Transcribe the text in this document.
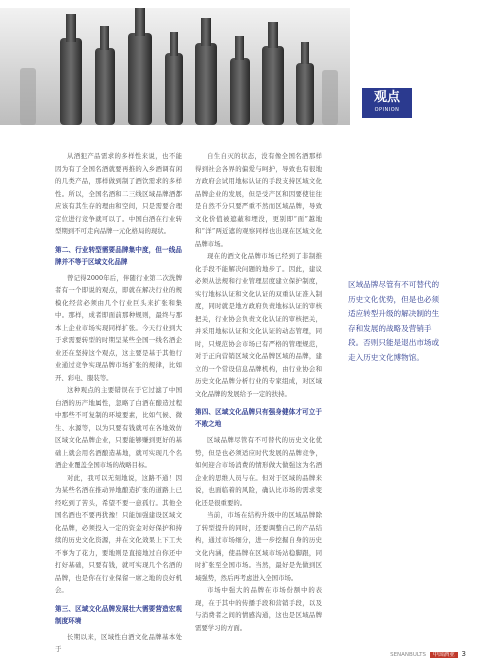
观点
OPINION

从酒犯产品需求的多样性来说，也不能因为有了全国名酒就要再推的入乡酒调有闲的几类产品，那样做到制了酒饮需求的多样性。所以，全国名酒和二三线区域品牌酒都应该有其生存的理由和空间，只是需要合理定位进行竞争就可以了。中国白酒在行业转型期到不可走向品牌一元化格局的现状。

第二、行业转型需要品牌集中度，但一线品牌并不等于区域文化品牌

曾记得2000年后，伴随行业第二次洗牌者有一个即说的观点，即就在解决行业的规模化经营必须由几个行业巨头来扩张和集中。那样，成者即面前那种规则，最终与那本上企业市场实现同样扩张。今天行业到大于求需要转型的时期呈某些全国一线名酒企业还在坚持这个观点，这主要是基于其他行业通过竞争实现品牌市场扩张的规律，比如开、彩电、服装等。

这种观点的主要错误在于它过滤了中国白酒的历产地属性，忽略了白酒在酿造过程中那些不可复制的环境要素，比如气候、微生、水源等，以为只要有钱就可在各地效仿区域文化品牌企业，只要能够赚到更好的基础上就会用名酒酿造基地，就可实现几个名酒企业覆盖全国市场的战略目标。

对此，我可以无刻地说，这路不通！因为某些名酒在推动异地酿造扩张的道路上已经吃到了苦头，希望不要一意孤行。其他全国名酒也不要再犹豫！只能加强建设区域文化品牌，必须投入一定的资金对好保护和持续的历史文化资源，并在文化效果上下工夫不事为了花力，要地则是直接地过自你还中打好基础，只要有钱，就可实现几个名酒的品牌，也是你在行业保留一席之地的良好机会。

第三、区域文化品牌发展壮大需要营造宏观制度环境

长期以来，区域性白酒文化品牌基本处于

自生自灭的状态，没有像全国名酒那样得到社会各界的偏爱与呵护，导致也有很地方政府会试用地标认证的手段支持区域文化品牌企业的发展，但是受产区和因要使往往是自然不分只要严重不然而区域品牌，导致文化价值被遮蔽和埋没，更别即“面”越地和“洋”两近遮的观察同样也出现在区域文化品牌市场。

现在的酒文化品牌市场已经到了非制推化手段不能解决问题的地步了。因此，建议必须从法规和行业管理层度建立保护制度，实行地标认证和文化认证的双重认证准入制度，同时就是地方政府负责地标认证的审核把关，行业协会负责文化认证的审核把关，并采用地标认证和文化认证的动态管理，同时，只规范协会市场已有严格的管理规范，对于正向营销区域文化品牌区域的品牌，建立的一个常设信息品牌机构，由行业协会和历史文化品牌分析行业的专家组成，对区域文化品牌的发展给予一定的扶持。

第四、区域文化品牌只有强身健体才可立于不败之地

区域品牌尽管有不可替代的历史文化优势，但是也必须适应时代发展的品牌竞争，如何迎合市场消费的情形做大做强这为名酒企业的思维人员与在。但对于区域的品牌来说，也面临着的风险，确认比市场的需求变化还是很重要的。

当前，市场在结构升级中的区域品牌除了转型提升的同时，还要调整自己的产品结构，通过市场细分，进一步挖掘自身的历史文化内涵，使品牌在区域市场站稳脚跟，同时扩张至全国市场。当然，最好是先做到区域强势，然后再考虑进入全国市场。

市场中强大的品牌在市场份额中的表现，在于其中的传播手段和营销手段，以及与消费者之间的情感沟通，这也是区域品牌需要学习的方面。

区域品牌尽管有不可替代的历史文化优势，但是也必须适应转型升级的解决制的生存和发展的战略及营销手段。否则只能是退出市场或走入历史文化博物馆。
SENANBULTS 中国酒业 3
